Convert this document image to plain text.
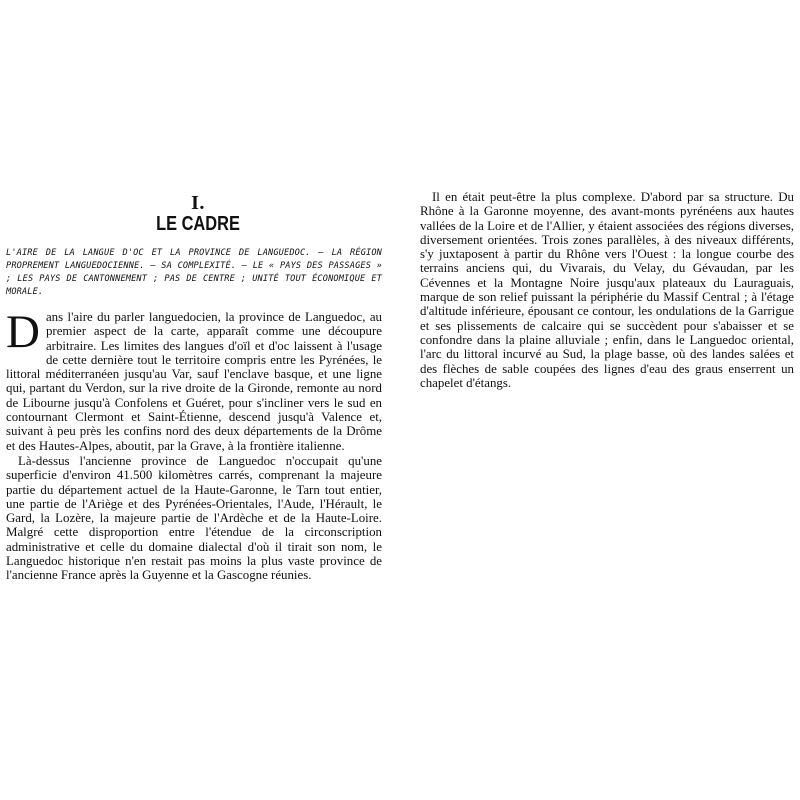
I.
LE CADRE
L'AIRE DE LA LANGUE D'OC ET LA PROVINCE DE LANGUEDOC. — LA RÉGION PROPREMENT LANGUEDOCIENNE. — SA COMPLEXITÉ. — LE « PAYS DES PASSAGES » ; LES PAYS DE CANTONNEMENT ; PAS DE CENTRE ; UNITÉ TOUT ÉCONOMIQUE ET MORALE.

Dans l'aire du parler languedocien, la province de Languedoc, au premier aspect de la carte, apparaît comme une découpure arbitraire. Les limites des langues d'oïl et d'oc laissent à l'usage de cette dernière tout le territoire compris entre les Pyrénées, le littoral méditerranéen jusqu'au Var, sauf l'enclave basque, et une ligne qui, partant du Verdon, sur la rive droite de la Gironde, remonte au nord de Libourne jusqu'à Confolens et Guéret, pour s'incliner vers le sud en contournant Clermont et Saint-Étienne, descend jusqu'à Valence et, suivant à peu près les confins nord des deux départements de la Drôme et des Hautes-Alpes, aboutit, par la Grave, à la frontière italienne.

Là-dessus l'ancienne province de Languedoc n'occupait qu'une superficie d'environ 41.500 kilomètres carrés, comprenant la majeure partie du département actuel de la Haute-Garonne, le Tarn tout entier, une partie de l'Ariège et des Pyrénées-Orientales, l'Aude, l'Hérault, le Gard, la Lozère, la majeure partie de l'Ardèche et de la Haute-Loire. Malgré cette disproportion entre l'étendue de la circonscription administrative et celle du domaine dialectal d'où il tirait son nom, le Languedoc historique n'en restait pas moins la plus vaste province de l'ancienne France après la Guyenne et la Gascogne réunies.

Il en était peut-être la plus complexe. D'abord par sa structure. Du Rhône à la Garonne moyenne, des avant-monts pyrénéens aux hautes vallées de la Loire et de l'Allier, y étaient associées des régions diverses, diversement orientées. Trois zones parallèles, à des niveaux différents, s'y juxtaposent à partir du Rhône vers l'Ouest : la longue courbe des terrains anciens qui, du Vivarais, du Velay, du Gévaudan, par les Cévennes et la Montagne Noire jusqu'aux plateaux du Lauraguais, marque de son relief puissant la périphérie du Massif Central ; à l'étage d'altitude inférieure, épousant ce contour, les ondulations de la Garrigue et ses plissements de calcaire qui se succèdent pour s'abaisser et se confondre dans la plaine alluviale ; enfin, dans le Languedoc oriental, l'arc du littoral incurvé au Sud, la plage basse, où des landes salées et des flèches de sable coupées des lignes d'eau des graus enserrent un chapelet d'étangs.
